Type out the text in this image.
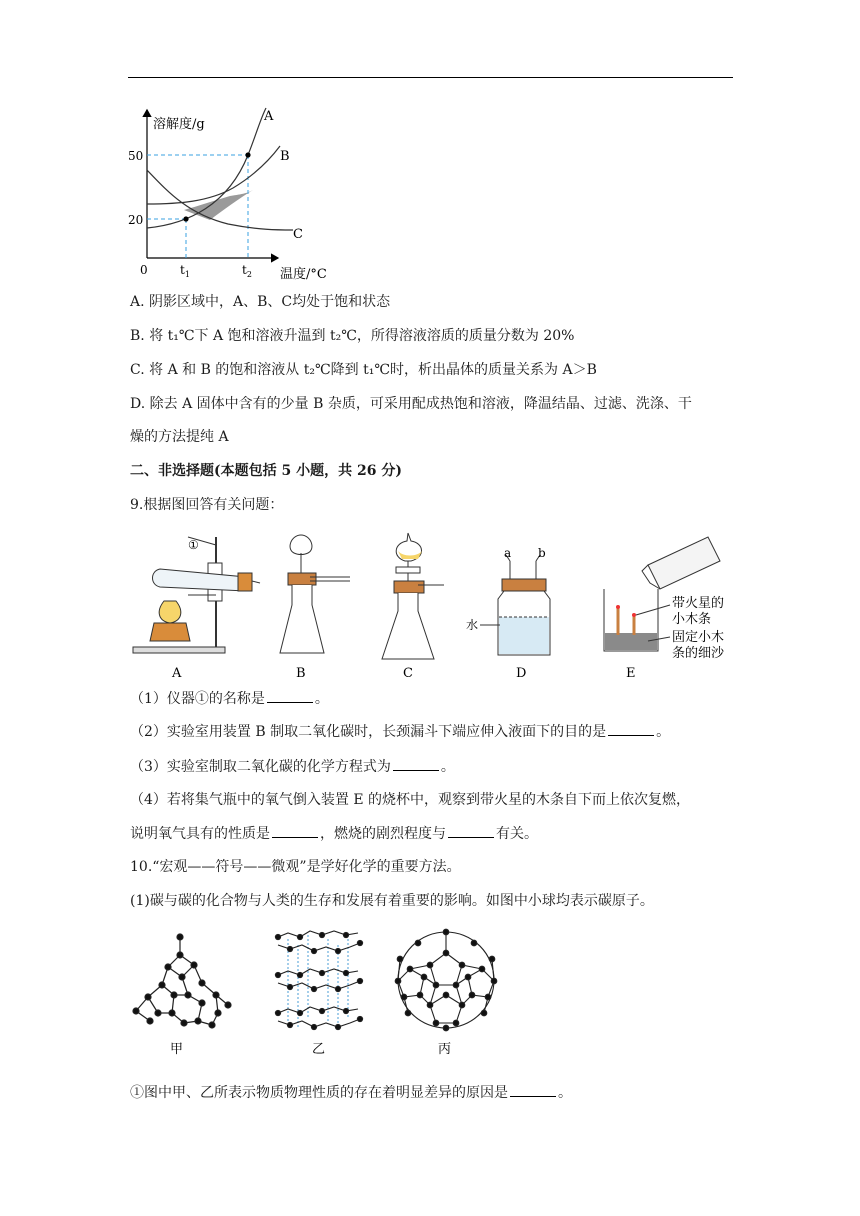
溶解度/g
温度/°C
0
50
20
$t_1$	$t_2$
A
B
C
A. 阴影区域中，A、B、C均处于饱和状态
B. 将 t₁℃下 A 饱和溶液升温到 t₂℃，所得溶液溶质的质量分数为 20%
C. 将 A 和 B 的饱和溶液从 t₂℃降到 t₁℃时，析出晶体的质量关系为 A＞B
D. 除去 A 固体中含有的少量 B 杂质，可采用配成热饱和溶液，降温结晶、过滤、洗涤、干
燥的方法提纯 A
二、非选择题(本题包括 5 小题，共 26 分)
9.根据图回答有关问题：
①
a b
水
带火星的
小木条
固定小木
条的细沙
A	B	C	D	E
（1）仪器①的名称是	。
（2）实验室用装置 B 制取二氧化碳时，长颈漏斗下端应伸入液面下的目的是	。
（3）实验室制取二氧化碳的化学方程式为	。
（4）若将集气瓶中的氧气倒入装置 E 的烧杯中，观察到带火星的木条自下而上依次复燃，
说明氧气具有的性质是	，燃烧的剧烈程度与	有关。
10.“宏观——符号——微观”是学好化学的重要方法。
(1)碳与碳的化合物与人类的生存和发展有着重要的影响。如图中小球均表示碳原子。
甲	乙	丙
①图中甲、乙所表示物质物理性质的存在着明显差异的原因是	。
